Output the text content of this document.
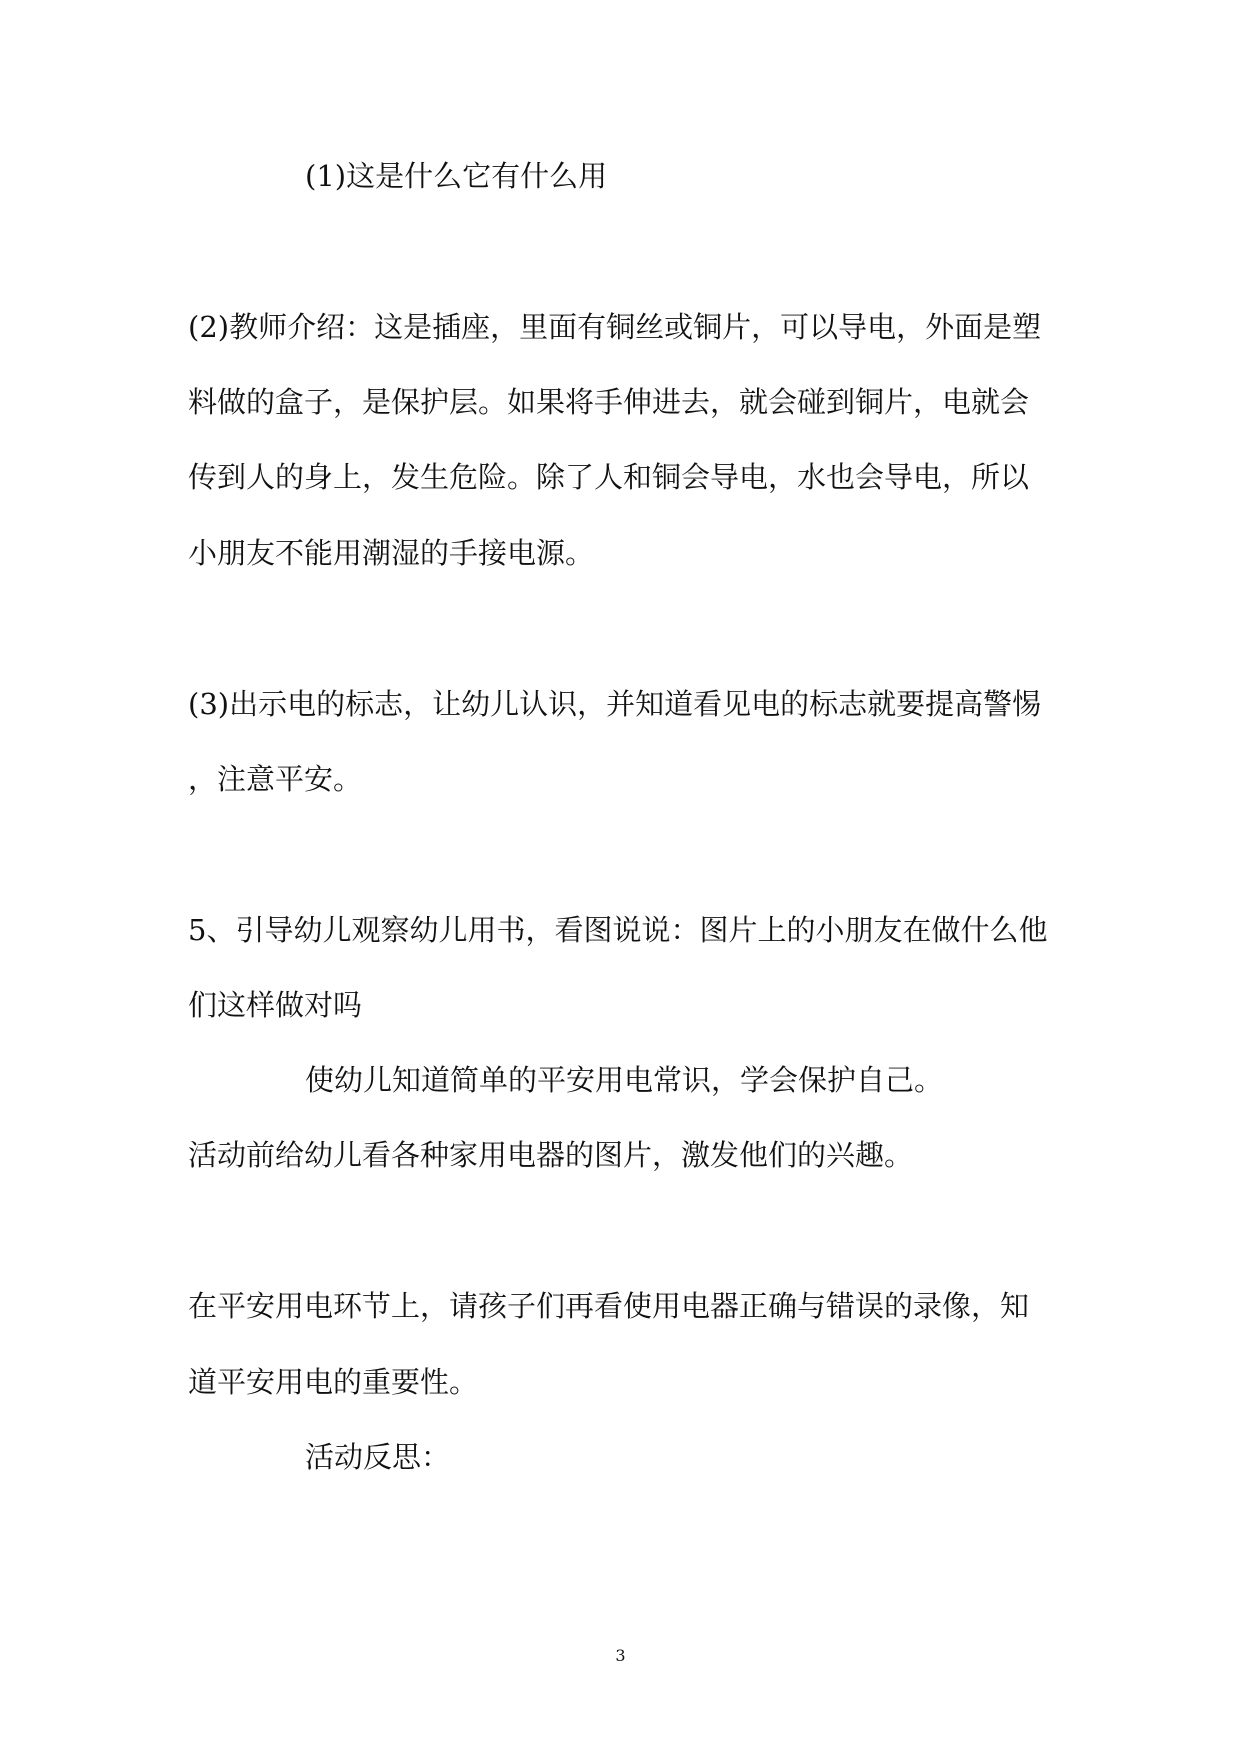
(1)这是什么它有什么用
(2)教师介绍：这是插座，里面有铜丝或铜片，可以导电，外面是塑
料做的盒子，是保护层。如果将手伸进去，就会碰到铜片，电就会
传到人的身上，发生危险。除了人和铜会导电，水也会导电，所以
小朋友不能用潮湿的手接电源。
(3)出示电的标志，让幼儿认识，并知道看见电的标志就要提高警惕
，注意平安。
5、引导幼儿观察幼儿用书，看图说说：图片上的小朋友在做什么他
们这样做对吗
使幼儿知道简单的平安用电常识，学会保护自己。
活动前给幼儿看各种家用电器的图片，激发他们的兴趣。
在平安用电环节上，请孩子们再看使用电器正确与错误的录像，知
道平安用电的重要性。
活动反思：
3
